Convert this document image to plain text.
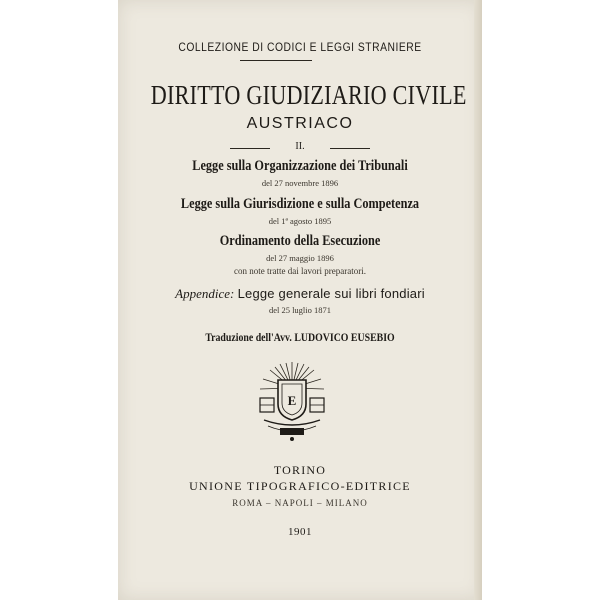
COLLEZIONE DI CODICI E LEGGI STRANIERE
DIRITTO GIUDIZIARIO CIVILE
AUSTRIACO
II.
Legge sulla Organizzazione dei Tribunali
del 27 novembre 1896
Legge sulla Giurisdizione e sulla Competenza
del 1ª agosto 1895
Ordinamento della Esecuzione
del 27 maggio 1896
con note tratte dai lavori preparatori.
Appendice: Legge generale sui libri fondiari
del 25 luglio 1871
Traduzione dell'Avv. LUDOVICO EUSEBIO
E
TORINO
UNIONE TIPOGRAFICO-EDITRICE
ROMA – NAPOLI – MILANO
1901
